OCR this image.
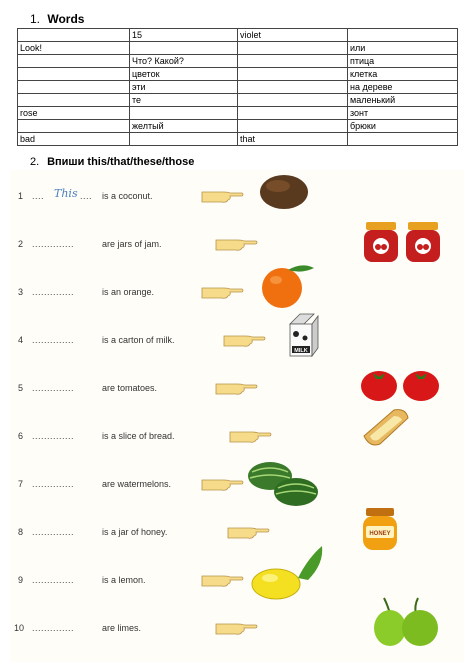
1. Words
	15	violet	
Look!			или
	Что? Какой?		птица
	цветок		клетка
	эти		на дереве
	те		маленький
rose			зонт
	желтый		брюки
bad		that	
2. Впиши this/that/these/those
1 .... This .... is a coconut.
2 ..............	are jars of jam.
3 ..............	is an orange.
4 ..............	is a carton of milk.
MILK
5 ..............	are tomatoes.
6 ..............	is a slice of bread.
7 ..............	are watermelons.
8 ..............	is a jar of honey.	HONEY
9 ..............	is a lemon.
10 ..............	are limes.
